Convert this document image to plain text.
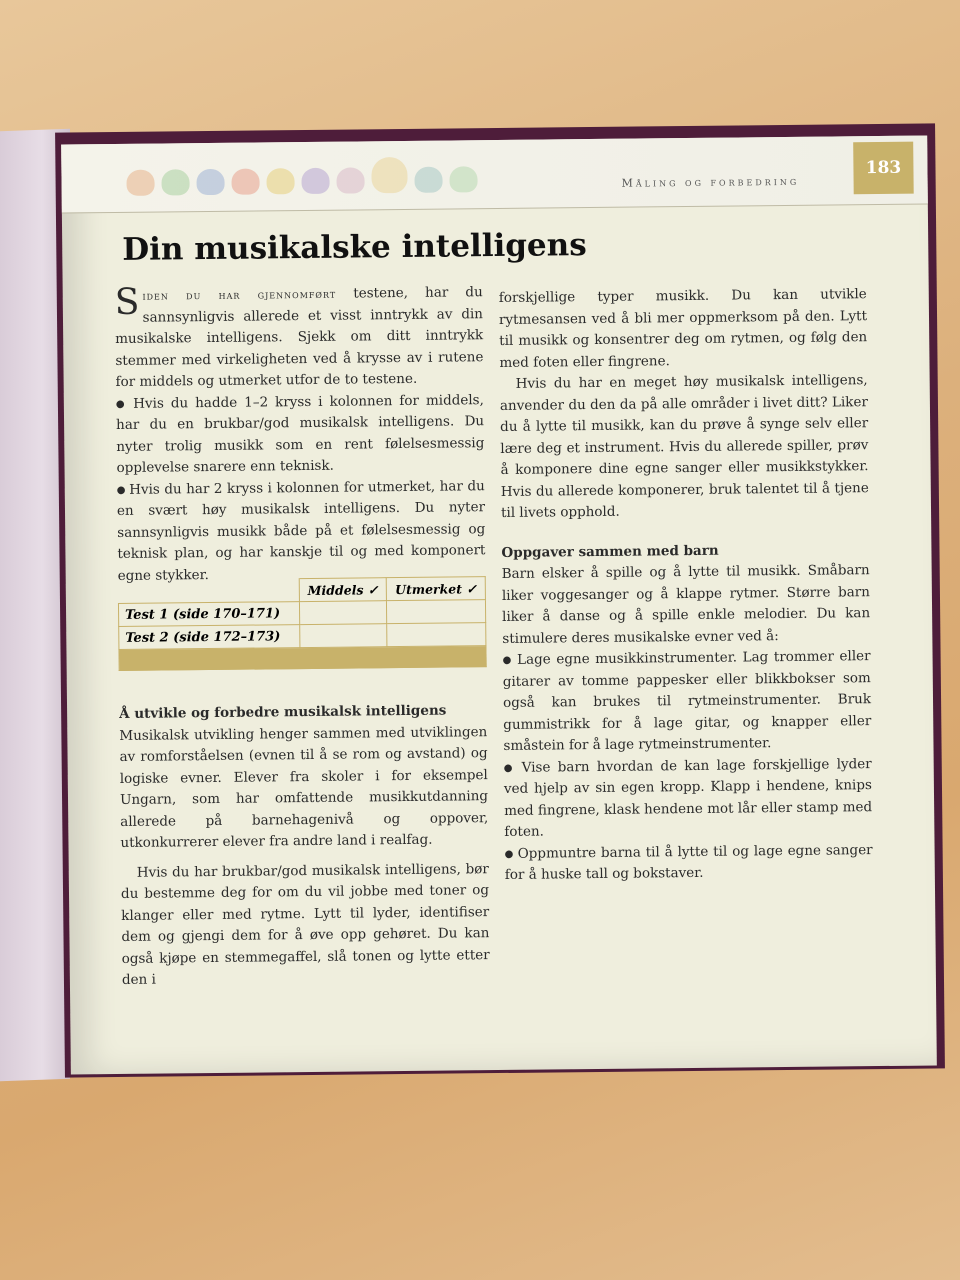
Måling og forbedring
183
Din musikalske intelligens

Siden du har gjennomført testene, har du sannsynligvis allerede et visst inntrykk av din musikalske intelligens. Sjekk om ditt inntrykk stemmer med virkeligheten ved å krysse av i rutene for middels og utmerket utfor de to testene.

● Hvis du hadde 1–2 kryss i kolonnen for middels, har du en brukbar/god musikalsk intelligens. Du nyter trolig musikk som en rent følelsesmessig opplevelse snarere enn teknisk.

● Hvis du har 2 kryss i kolonnen for utmerket, har du en svært høy musikalsk intelligens. Du nyter sannsynligvis musikk både på et følelsesmessig og teknisk plan, og har kanskje til og med komponert egne stykker.

	Middels ✓	Utmerket ✓
Test 1 (side 170–171)		
Test 2 (side 172–173)		

Å utvikle og forbedre musikalsk intelligens

Musikalsk utvikling henger sammen med utviklingen av romforståelsen (evnen til å se rom og avstand) og logiske evner. Elever fra skoler i for eksempel Ungarn, som har omfattende musikkutdanning allerede på barnehagenivå og oppover, utkonkurrerer elever fra andre land i realfag.

Hvis du har brukbar/god musikalsk intelligens, bør du bestemme deg for om du vil jobbe med toner og klanger eller med rytme. Lytt til lyder, identifiser dem og gjengi dem for å øve opp gehøret. Du kan også kjøpe en stemmegaffel, slå tonen og lytte etter den i

forskjellige typer musikk. Du kan utvikle rytmesansen ved å bli mer oppmerksom på den. Lytt til musikk og konsentrer deg om rytmen, og følg den med foten eller fingrene.

Hvis du har en meget høy musikalsk intelligens, anvender du den da på alle områder i livet ditt? Liker du å lytte til musikk, kan du prøve å synge selv eller lære deg et instrument. Hvis du allerede spiller, prøv å komponere dine egne sanger eller musikkstykker. Hvis du allerede komponerer, bruk talentet til å tjene til livets opphold.

Oppgaver sammen med barn

Barn elsker å spille og å lytte til musikk. Småbarn liker voggesanger og å klappe rytmer. Større barn liker å danse og å spille enkle melodier. Du kan stimulere deres musikalske evner ved å:

● Lage egne musikkinstrumenter. Lag trommer eller gitarer av tomme pappesker eller blikkbokser som også kan brukes til rytmeinstrumenter. Bruk gummistrikk for å lage gitar, og knapper eller småstein for å lage rytmeinstrumenter.

● Vise barn hvordan de kan lage forskjellige lyder ved hjelp av sin egen kropp. Klapp i hendene, knips med fingrene, klask hendene mot lår eller stamp med foten.

● Oppmuntre barna til å lytte til og lage egne sanger for å huske tall og bokstaver.
